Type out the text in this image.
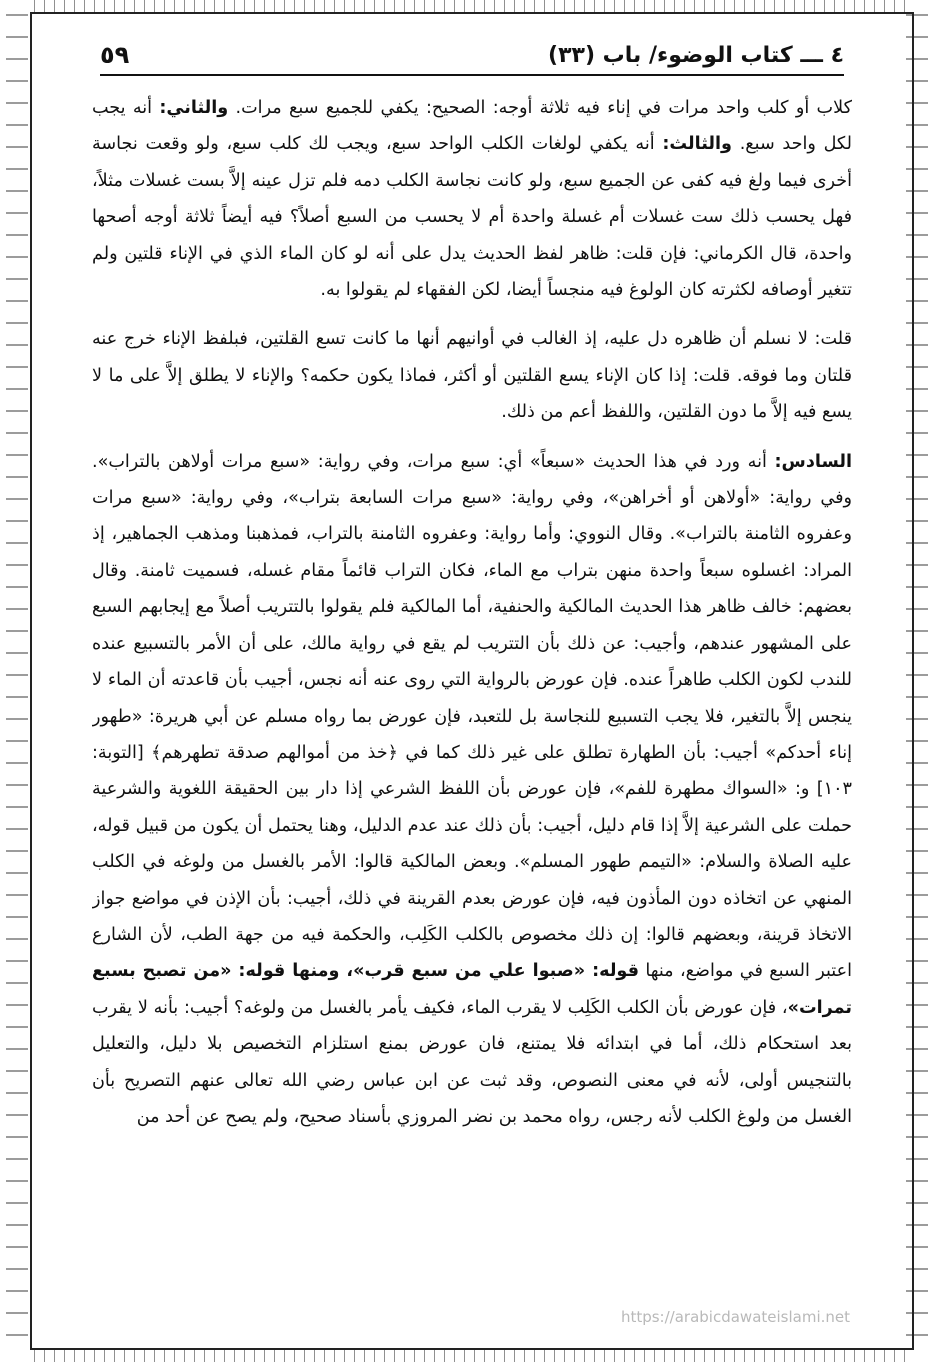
٤ ـــ كتاب الوضوء/ باب (٣٣)
٥٩

كلاب أو كلب واحد مرات في إناء فيه ثلاثة أوجه: الصحيح: يكفي للجميع سبع مرات. والثاني: أنه يجب لكل واحد سبع. والثالث: أنه يكفي لولغات الكلب الواحد سبع، ويجب لك كلب سبع، ولو وقعت نجاسة أخرى فيما ولغ فيه كفى عن الجميع سبع، ولو كانت نجاسة الكلب دمه فلم تزل عينه إلاَّ بست غسلات مثلاً، فهل يحسب ذلك ست غسلات أم غسلة واحدة أم لا يحسب من السبع أصلاً؟ فيه أيضاً ثلاثة أوجه أصحها واحدة، قال الكرماني: فإن قلت: ظاهر لفظ الحديث يدل على أنه لو كان الماء الذي في الإناء قلتين ولم تتغير أوصافه لكثرته كان الولوغ فيه منجساً أيضا، لكن الفقهاء لم يقولوا به.

قلت: لا نسلم أن ظاهره دل عليه، إذ الغالب في أوانيهم أنها ما كانت تسع القلتين، فبلفظ الإناء خرج عنه قلتان وما فوقه. قلت: إذا كان الإناء يسع القلتين أو أكثر، فماذا يكون حكمه؟ والإناء لا يطلق إلاَّ على ما لا يسع فيه إلاَّ ما دون القلتين، واللفظ أعم من ذلك.

السادس: أنه ورد في هذا الحديث «سبعاً» أي: سبع مرات، وفي رواية: «سبع مرات أولاهن بالتراب». وفي رواية: «أولاهن أو أخراهن»، وفي رواية: «سبع مرات السابعة بتراب»، وفي رواية: «سبع مرات وعفروه الثامنة بالتراب». وقال النووي: وأما رواية: وعفروه الثامنة بالتراب، فمذهبنا ومذهب الجماهير، إذ المراد: اغسلوه سبعاً واحدة منهن بتراب مع الماء، فكان التراب قائماً مقام غسله، فسميت ثامنة. وقال بعضهم: خالف ظاهر هذا الحديث المالكية والحنفية، أما المالكية فلم يقولوا بالتتريب أصلاً مع إيجابهم السبع على المشهور عندهم، وأجيب: عن ذلك بأن التتريب لم يقع في رواية مالك، على أن الأمر بالتسبيع عنده للندب لكون الكلب طاهراً عنده. فإن عورض بالرواية التي روى عنه أنه نجس، أجيب بأن قاعدته أن الماء لا ينجس إلاَّ بالتغير، فلا يجب التسبيع للنجاسة بل للتعبد، فإن عورض بما رواه مسلم عن أبي هريرة: «طهور إناء أحدكم» أجيب: بأن الطهارة تطلق على غير ذلك كما في ﴿خذ من أموالهم صدقة تطهرهم﴾ [التوبة: ١٠٣] و: «السواك مطهرة للفم»، فإن عورض بأن اللفظ الشرعي إذا دار بين الحقيقة اللغوية والشرعية حملت على الشرعية إلاَّ إذا قام دليل، أجيب: بأن ذلك عند عدم الدليل، وهنا يحتمل أن يكون من قبيل قوله، عليه الصلاة والسلام: «التيمم طهور المسلم». وبعض المالكية قالوا: الأمر بالغسل من ولوغه في الكلب المنهي عن اتخاذه دون المأذون فيه، فإن عورض بعدم القرينة في ذلك، أجيب: بأن الإذن في مواضع جواز الاتخاذ قرينة، وبعضهم قالوا: إن ذلك مخصوص بالكلب الكَلِب، والحكمة فيه من جهة الطب، لأن الشارع اعتبر السبع في مواضع، منها قوله: «صبوا علي من سبع قرب»، ومنها قوله: «من تصبح بسبع تمرات»، فإن عورض بأن الكلب الكَلِب لا يقرب الماء، فكيف يأمر بالغسل من ولوغه؟ أجيب: بأنه لا يقرب بعد استحكام ذلك، أما في ابتدائه فلا يمتنع، فان عورض بمنع استلزام التخصيص بلا دليل، والتعليل بالتنجيس أولى، لأنه في معنى النصوص، وقد ثبت عن ابن عباس رضي الله تعالى عنهم التصريح بأن الغسل من ولوغ الكلب لأنه رجس، رواه محمد بن نضر المروزي بأسناد صحيح، ولم يصح عن أحد من

https://arabicdawateislami.net
